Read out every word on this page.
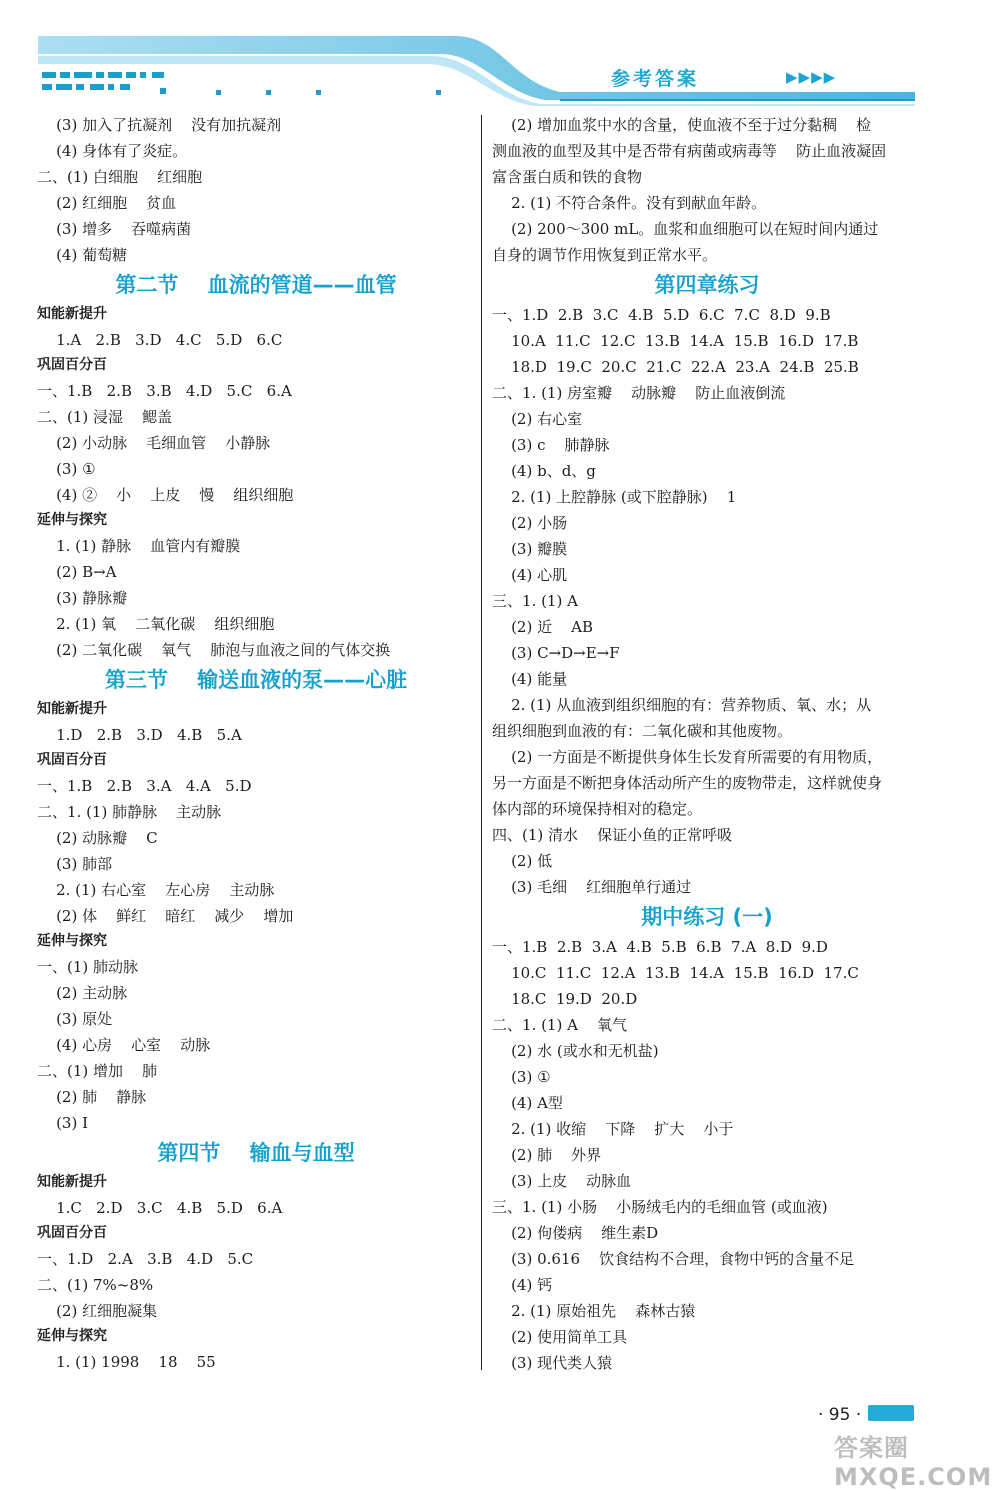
参考答案	▶▶▶▶
(3) 加入了抗凝剂    没有加抗凝剂
(4) 身体有了炎症。
二、(1) 白细胞    红细胞
(2) 红细胞    贫血
(3) 增多    吞噬病菌
(4) 葡萄糖
第二节    血流的管道——血管
知能新提升
1.A   2.B   3.D   4.C   5.D   6.C
巩固百分百
一、1.B   2.B   3.B   4.D   5.C   6.A
二、(1) 浸湿    鳃盖
(2) 小动脉    毛细血管    小静脉
(3) ①
(4) ②    小    上皮    慢    组织细胞
延伸与探究
1. (1) 静脉    血管内有瓣膜
(2) B→A
(3) 静脉瓣
2. (1) 氧    二氧化碳    组织细胞
(2) 二氧化碳    氧气    肺泡与血液之间的气体交换
第三节    输送血液的泵——心脏
知能新提升
1.D   2.B   3.D   4.B   5.A
巩固百分百
一、1.B   2.B   3.A   4.A   5.D
二、1. (1) 肺静脉    主动脉
(2) 动脉瓣    C
(3) 肺部
2. (1) 右心室    左心房    主动脉
(2) 体    鲜红    暗红    减少    增加
延伸与探究
一、(1) 肺动脉
(2) 主动脉
(3) 原处
(4) 心房    心室    动脉
二、(1) 增加    肺
(2) 肺    静脉
(3) Ⅰ
第四节    输血与血型
知能新提升
1.C   2.D   3.C   4.B   5.D   6.A
巩固百分百
一、1.D   2.A   3.B   4.D   5.C
二、(1) 7%~8%
(2) 红细胞凝集
延伸与探究
1. (1) 1998    18    55
(2) 增加血浆中水的含量，使血液不至于过分黏稠    检
测血液的血型及其中是否带有病菌或病毒等    防止血液凝固
富含蛋白质和铁的食物
2. (1) 不符合条件。没有到献血年龄。
(2) 200～300 mL。血浆和血细胞可以在短时间内通过
自身的调节作用恢复到正常水平。
第四章练习
一、1.D  2.B  3.C  4.B  5.D  6.C  7.C  8.D  9.B
10.A  11.C  12.C  13.B  14.A  15.B  16.D  17.B
18.D  19.C  20.C  21.C  22.A  23.A  24.B  25.B
二、1. (1) 房室瓣    动脉瓣    防止血液倒流
(2) 右心室
(3) c    肺静脉
(4) b、d、g
2. (1) 上腔静脉 (或下腔静脉)    1
(2) 小肠
(3) 瓣膜
(4) 心肌
三、1. (1) A
(2) 近    AB
(3) C→D→E→F
(4) 能量
2. (1) 从血液到组织细胞的有：营养物质、氧、水；从
组织细胞到血液的有：二氧化碳和其他废物。
(2) 一方面是不断提供身体生长发育所需要的有用物质，
另一方面是不断把身体活动所产生的废物带走，这样就使身
体内部的环境保持相对的稳定。
四、(1) 清水    保证小鱼的正常呼吸
(2) 低
(3) 毛细    红细胞单行通过
期中练习 (一)
一、1.B  2.B  3.A  4.B  5.B  6.B  7.A  8.D  9.D
10.C  11.C  12.A  13.B  14.A  15.B  16.D  17.C
18.C  19.D  20.D
二、1. (1) A    氧气
(2) 水 (或水和无机盐)
(3) ①
(4) A型
2. (1) 收缩    下降    扩大    小于
(2) 肺    外界
(3) 上皮    动脉血
三、1. (1) 小肠    小肠绒毛内的毛细血管 (或血液)
(2) 佝偻病    维生素D
(3) 0.616    饮食结构不合理，食物中钙的含量不足
(4) 钙
2. (1) 原始祖先    森林古猿
(2) 使用简单工具
(3) 现代类人猿
· 95 ·
答案圈 MXQE.COM
